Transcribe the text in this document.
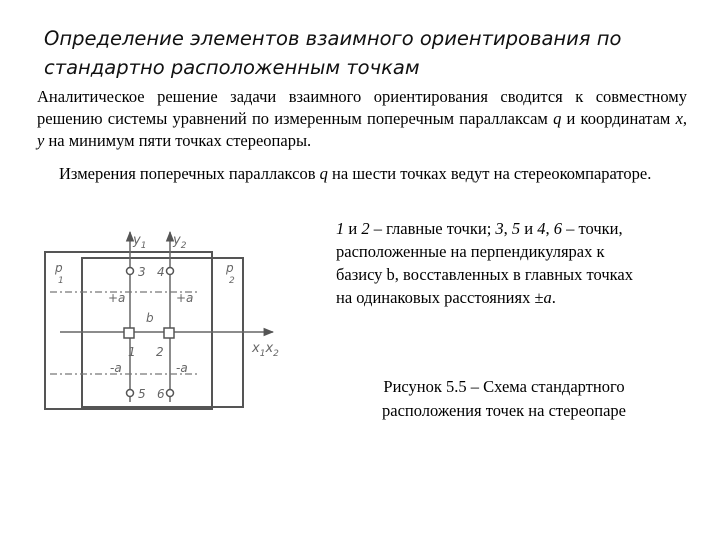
Определение элементов взаимного ориентирования по стандартно расположенным точкам
Аналитическое решение задачи взаимного ориентирования сводится к совместному решению системы уравнений по измеренным поперечным параллаксам q и координатам x, y на минимум пяти точках стереопары.
Измерения поперечных параллаксов q на шести точках ведут на стереокомпараторе.
1 и 2 – главные точки; 3, 5 и 4, 6 – точки, расположенные на перпендикулярах к базису b, восставленных в главных точках на одинаковых расстояниях ±a.
Рисунок 5.5 – Схема стандартного
расположения точек на стереопаре
$y_1$ $y_2$
p 1
p 2
$x_1x_2$
+a	+a
-a	-a
3 4
5 6
b
1 2
